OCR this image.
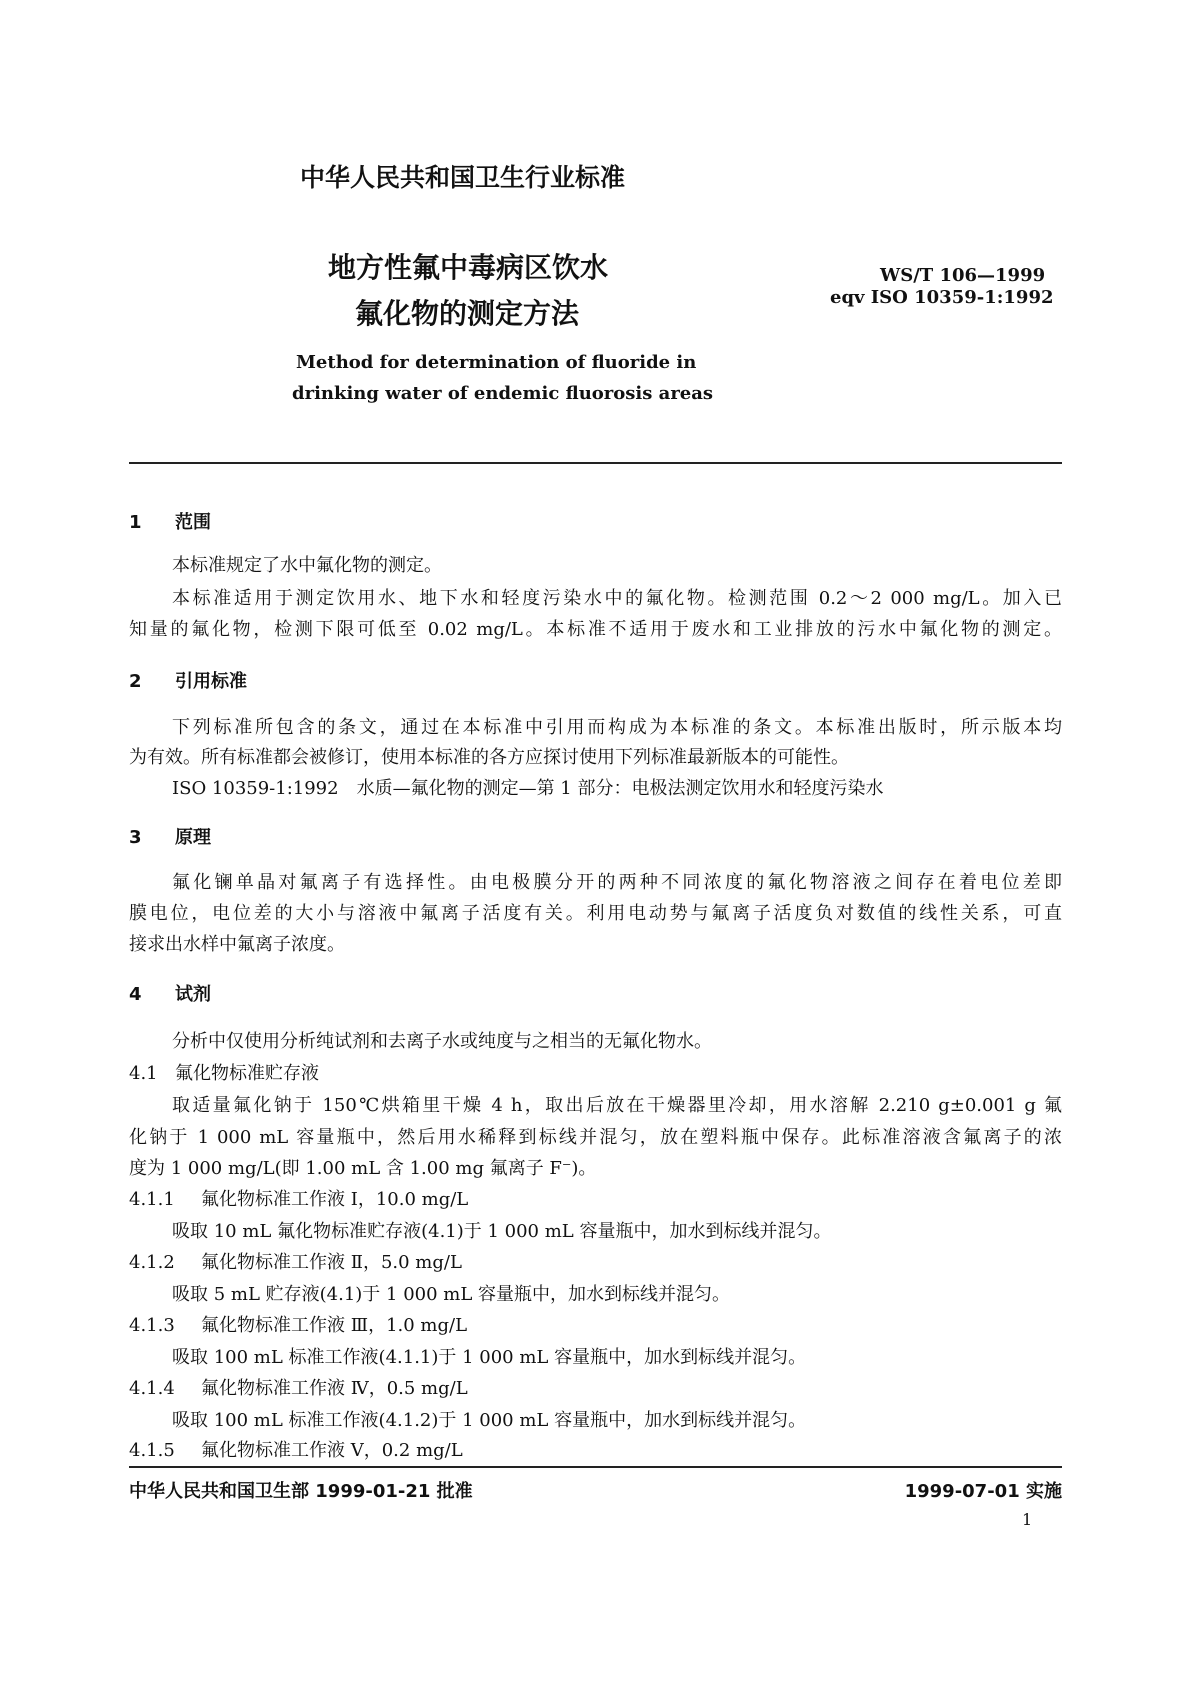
中华人民共和国卫生行业标准
地方性氟中毒病区饮水
氟化物的测定方法
WS/T 106—1999
eqv ISO 10359-1:1992
Method for determination of fluoride in
drinking water of endemic fluorosis areas
1 范围
本标准规定了水中氟化物的测定。
本标准适用于测定饮用水、地下水和轻度污染水中的氟化物。检测范围 0.2～2 000 mg/L。加入已
知量的氟化物，检测下限可低至 0.02 mg/L。本标准不适用于废水和工业排放的污水中氟化物的测定。
2 引用标准
下列标准所包含的条文，通过在本标准中引用而构成为本标准的条文。本标准出版时，所示版本均
为有效。所有标准都会被修订，使用本标准的各方应探讨使用下列标准最新版本的可能性。
ISO 10359-1:1992　水质—氟化物的测定—第 1 部分：电极法测定饮用水和轻度污染水
3 原理
氟化镧单晶对氟离子有选择性。由电极膜分开的两种不同浓度的氟化物溶液之间存在着电位差即
膜电位，电位差的大小与溶液中氟离子活度有关。利用电动势与氟离子活度负对数值的线性关系，可直
接求出水样中氟离子浓度。
4 试剂
分析中仅使用分析纯试剂和去离子水或纯度与之相当的无氟化物水。
4.1 氟化物标准贮存液
取适量氟化钠于 150℃烘箱里干燥 4 h，取出后放在干燥器里冷却，用水溶解 2.210 g±0.001 g 氟
化钠于 1 000 mL 容量瓶中，然后用水稀释到标线并混匀，放在塑料瓶中保存。此标准溶液含氟离子的浓
度为 1 000 mg/L(即 1.00 mL 含 1.00 mg 氟离子 F⁻)。
4.1.1 氟化物标准工作液 Ⅰ，10.0 mg/L
吸取 10 mL 氟化物标准贮存液(4.1)于 1 000 mL 容量瓶中，加水到标线并混匀。
4.1.2 氟化物标准工作液 Ⅱ，5.0 mg/L
吸取 5 mL 贮存液(4.1)于 1 000 mL 容量瓶中，加水到标线并混匀。
4.1.3 氟化物标准工作液 Ⅲ，1.0 mg/L
吸取 100 mL 标准工作液(4.1.1)于 1 000 mL 容量瓶中，加水到标线并混匀。
4.1.4 氟化物标准工作液 Ⅳ，0.5 mg/L
吸取 100 mL 标准工作液(4.1.2)于 1 000 mL 容量瓶中，加水到标线并混匀。
4.1.5 氟化物标准工作液 Ⅴ，0.2 mg/L
中华人民共和国卫生部 1999-01-21 批准	1999-07-01 实施
1
